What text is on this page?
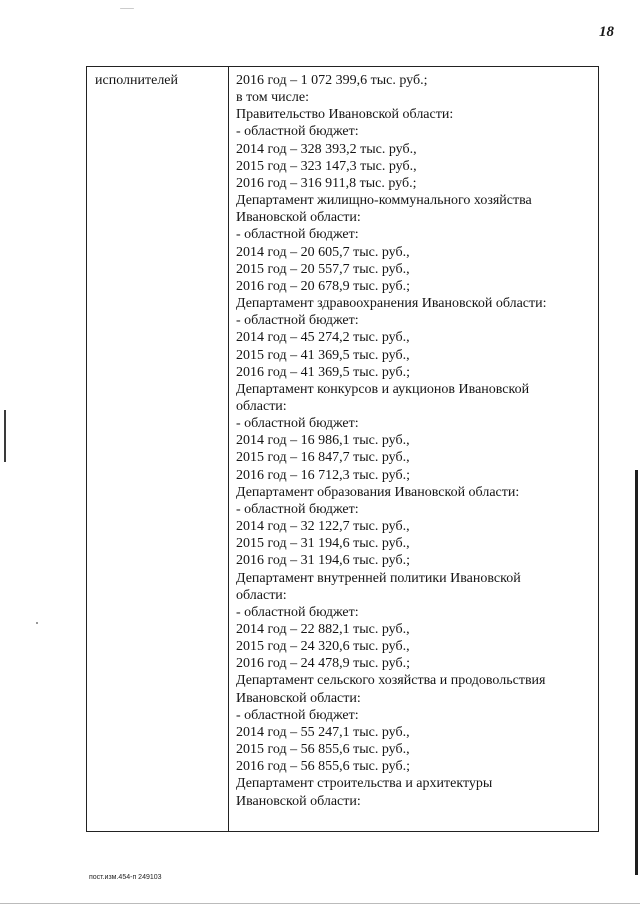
18
исполнителей	2016 год – 1 072 399,6 тыс. руб.;
в том числе:
Правительство Ивановской области:
- областной бюджет:
2014 год – 328 393,2 тыс. руб.,
2015 год – 323 147,3 тыс. руб.,
2016 год – 316 911,8 тыс. руб.;
Департамент жилищно-коммунального хозяйства
Ивановской области:
- областной бюджет:
2014 год – 20 605,7 тыс. руб.,
2015 год – 20 557,7 тыс. руб.,
2016 год – 20 678,9 тыс. руб.;
Департамент здравоохранения Ивановской области:
- областной бюджет:
2014 год – 45 274,2 тыс. руб.,
2015 год – 41 369,5 тыс. руб.,
2016 год – 41 369,5 тыс. руб.;
Департамент конкурсов и аукционов Ивановской
области:
- областной бюджет:
2014 год – 16 986,1 тыс. руб.,
2015 год – 16 847,7 тыс. руб.,
2016 год – 16 712,3 тыс. руб.;
Департамент образования Ивановской области:
- областной бюджет:
2014 год – 32 122,7 тыс. руб.,
2015 год – 31 194,6 тыс. руб.,
2016 год – 31 194,6 тыс. руб.;
Департамент внутренней политики Ивановской
области:
- областной бюджет:
2014 год – 22 882,1 тыс. руб.,
2015 год – 24 320,6 тыс. руб.,
2016 год – 24 478,9 тыс. руб.;
Департамент сельского хозяйства и продовольствия
Ивановской области:
- областной бюджет:
2014 год – 55 247,1 тыс. руб.,
2015 год – 56 855,6 тыс. руб.,
2016 год – 56 855,6 тыс. руб.;
Департамент строительства и архитектуры
Ивановской области:
пост.изм.454-п 249103
